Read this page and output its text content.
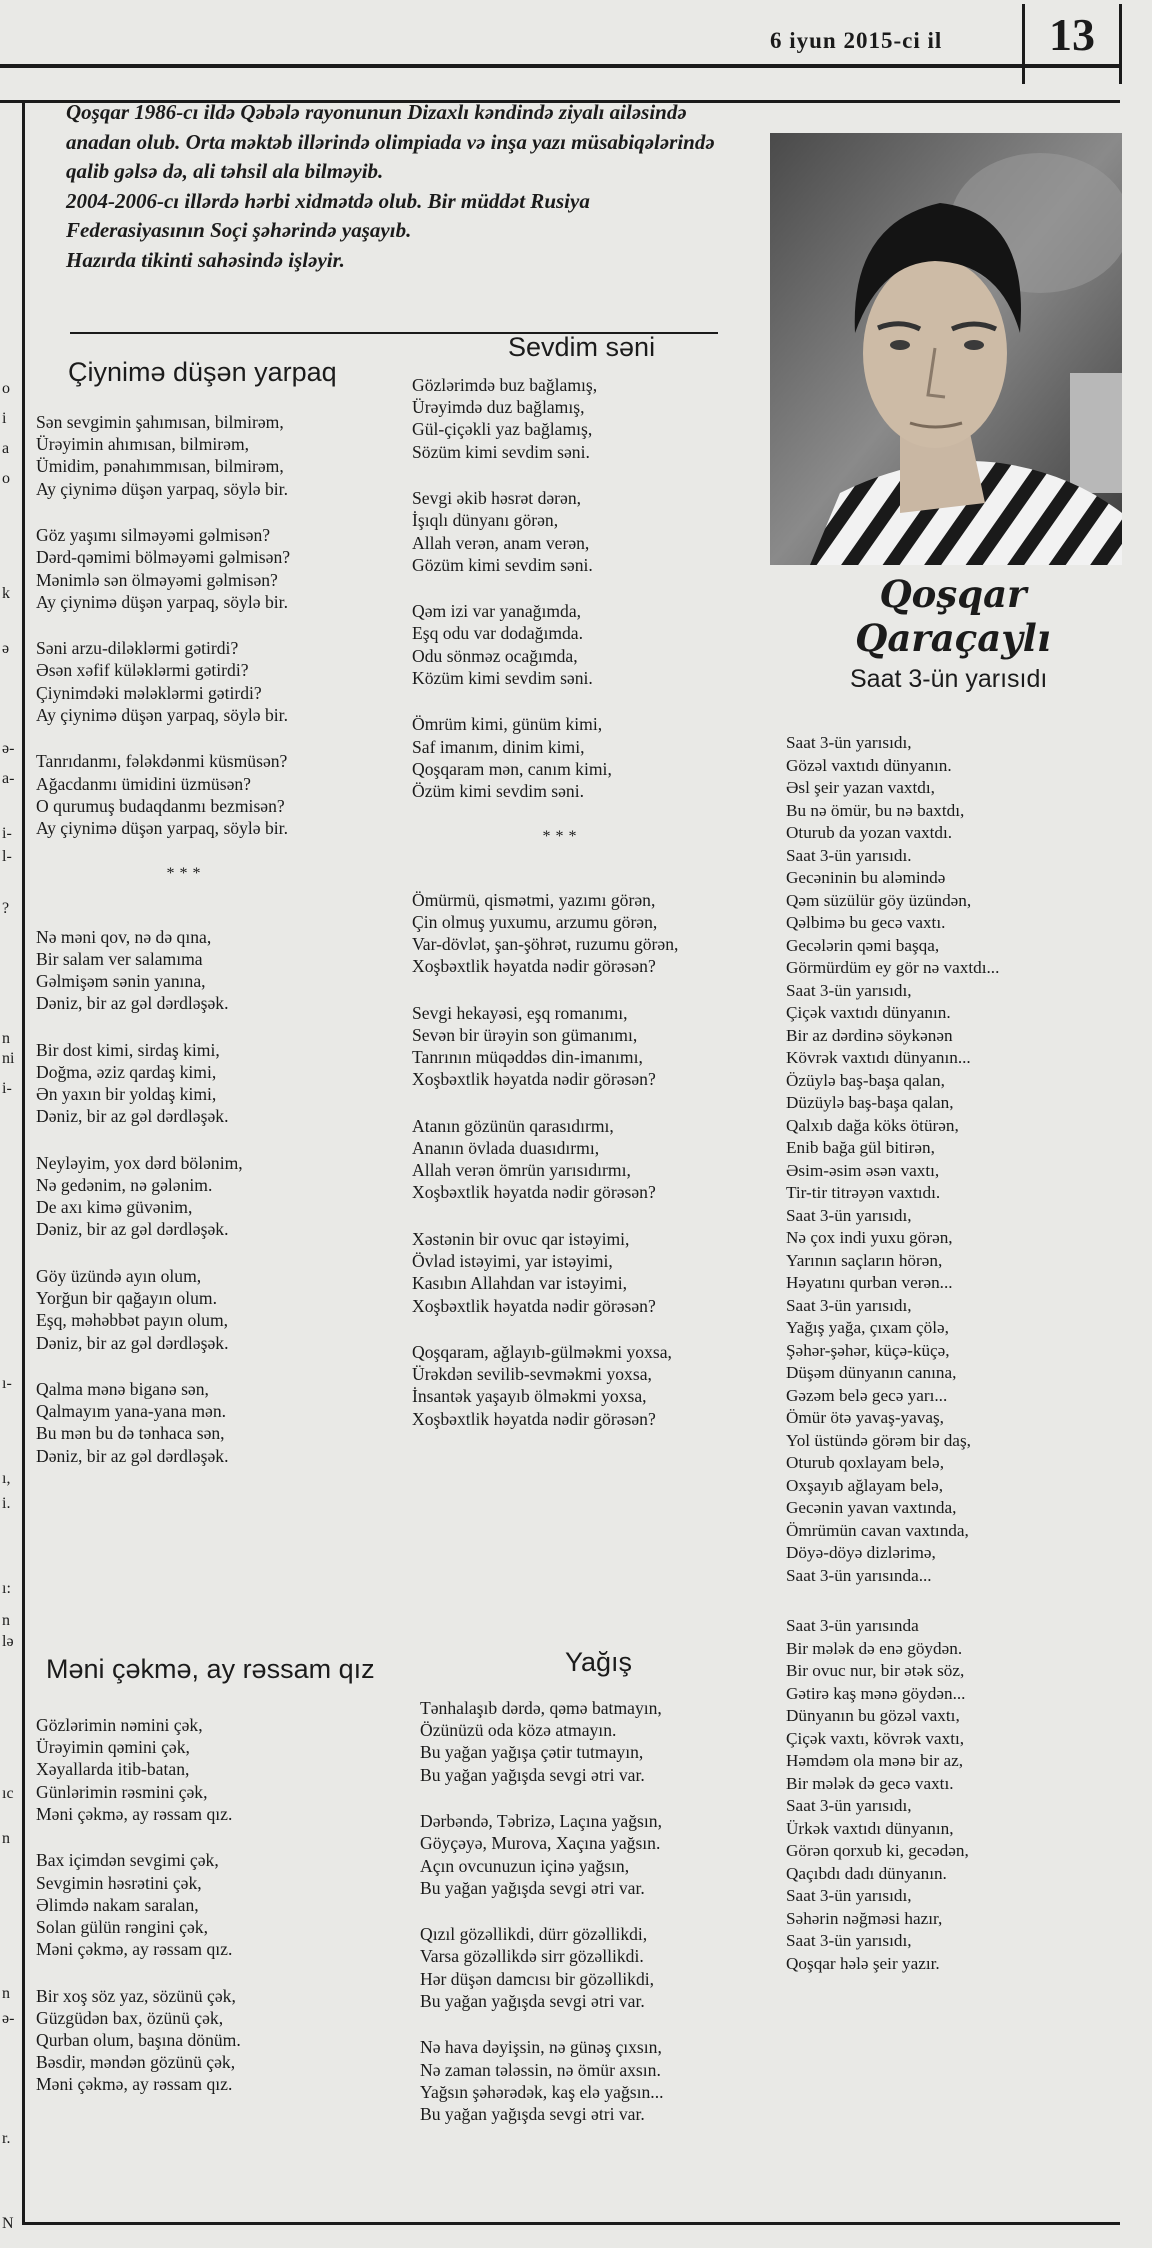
6 iyun 2015-ci il	13
o
i
a
o
k
ə
ə-
a-
i-
l-
?
n
ni
i-
ı-
ı,
i.
ı:
n
lə
ıc
n
n
ə-
r.
N

Qoşqar 1986-cı ildə Qəbələ rayonunun Dizaxlı kəndində ziyalı ailəsində anadan olub. Orta məktəb illərində olimpiada və inşa yazı müsabiqələrində qalib gəlsə də, ali təhsil ala bilməyib.

2004-2006-cı illərdə hərbi xidmətdə olub. Bir müddət Rusiya Federasiyasının Soçi şəhərində yaşayıb.

Hazırda tikinti sahəsində işləyir.

Qoşqar Qaraçaylı
Çiynimə düşən yarpaq
Sən sevgimin şahımısan, bilmirəm,
Ürəyimin ahımısan, bilmirəm,
Ümidim, pənahımmısan, bilmirəm,
Ay çiynimə düşən yarpaq, söylə bir.
Göz yaşımı silməyəmi gəlmisən?
Dərd-qəmimi bölməyəmi gəlmisən?
Mənimlə sən ölməyəmi gəlmisən?
Ay çiynimə düşən yarpaq, söylə bir.
Səni arzu-diləklərmi gətirdi?
Əsən xəfif küləklərmi gətirdi?
Çiynimdəki mələklərmi gətirdi?
Ay çiynimə düşən yarpaq, söylə bir.
Tanrıdanmı, fələkdənmi küsmüsən?
Ağacdanmı ümidini üzmüsən?
O qurumuş budaqdanmı bezmisən?
Ay çiynimə düşən yarpaq, söylə bir.
***
Nə məni qov, nə də qına,
Bir salam ver salamıma
Gəlmişəm sənin yanına,
Dəniz, bir az gəl dərdləşək.
Bir dost kimi, sirdaş kimi,
Doğma, əziz qardaş kimi,
Ən yaxın bir yoldaş kimi,
Dəniz, bir az gəl dərdləşək.
Neyləyim, yox dərd bölənim,
Nə gedənim, nə gələnim.
De axı kimə güvənim,
Dəniz, bir az gəl dərdləşək.
Göy üzündə ayın olum,
Yorğun bir qağayın olum.
Eşq, məhəbbət payın olum,
Dəniz, bir az gəl dərdləşək.
Qalma mənə biganə sən,
Qalmayım yana-yana mən.
Bu mən bu də tənhaca sən,
Dəniz, bir az gəl dərdləşək.
Məni çəkmə, ay rəssam qız
Gözlərimin nəmini çək,
Ürəyimin qəmini çək,
Xəyallarda itib-batan,
Günlərimin rəsmini çək,
Məni çəkmə, ay rəssam qız.
Bax içimdən sevgimi çək,
Sevgimin həsrətini çək,
Əlimdə nakam saralan,
Solan gülün rəngini çək,
Məni çəkmə, ay rəssam qız.
Bir xoş söz yaz, sözünü çək,
Güzgüdən bax, özünü çək,
Qurban olum, başına dönüm.
Bəsdir, məndən gözünü çək,
Məni çəkmə, ay rəssam qız.
Sevdim səni
Gözlərimdə buz bağlamış,
Ürəyimdə duz bağlamış,
Gül-çiçəkli yaz bağlamış,
Sözüm kimi sevdim səni.
Sevgi əkib həsrət dərən,
İşıqlı dünyanı görən,
Allah verən, anam verən,
Gözüm kimi sevdim səni.
Qəm izi var yanağımda,
Eşq odu var dodağımda.
Odu sönməz ocağımda,
Közüm kimi sevdim səni.
Ömrüm kimi, günüm kimi,
Saf imanım, dinim kimi,
Qoşqaram mən, canım kimi,
Özüm kimi sevdim səni.
***
Ömürmü, qismətmi, yazımı görən,
Çin olmuş yuxumu, arzumu görən,
Var-dövlət, şan-şöhrət, ruzumu görən,
Xoşbəxtlik həyatda nədir görəsən?
Sevgi hekayəsi, eşq romanımı,
Sevən bir ürəyin son gümanımı,
Tanrının müqəddəs din-imanımı,
Xoşbəxtlik həyatda nədir görəsən?
Atanın gözünün qarasıdırmı,
Ananın övlada duasıdırmı,
Allah verən ömrün yarısıdırmı,
Xoşbəxtlik həyatda nədir görəsən?
Xəstənin bir ovuc qar istəyimi,
Övlad istəyimi, yar istəyimi,
Kasıbın Allahdan var istəyimi,
Xoşbəxtlik həyatda nədir görəsən?
Qoşqaram, ağlayıb-gülməkmi yoxsa,
Ürəkdən sevilib-sevməkmi yoxsa,
İnsantək yaşayıb ölməkmi yoxsa,
Xoşbəxtlik həyatda nədir görəsən?
Yağış
Tənhalaşıb dərdə, qəmə batmayın,
Özünüzü oda közə atmayın.
Bu yağan yağışa çətir tutmayın,
Bu yağan yağışda sevgi ətri var.
Dərbəndə, Təbrizə, Laçına yağsın,
Göyçəyə, Murova, Xaçına yağsın.
Açın ovcunuzun içinə yağsın,
Bu yağan yağışda sevgi ətri var.
Qızıl gözəllikdi, dürr gözəllikdi,
Varsa gözəllikdə sirr gözəllikdi.
Hər düşən damcısı bir gözəllikdi,
Bu yağan yağışda sevgi ətri var.
Nə hava dəyişsin, nə günəş çıxsın,
Nə zaman tələssin, nə ömür axsın.
Yağsın şəhərədək, kaş elə yağsın...
Bu yağan yağışda sevgi ətri var.
Saat 3-ün yarısıdı
Saat 3-ün yarısıdı,
Gözəl vaxtıdı dünyanın.
Əsl şeir yazan vaxtdı,
Bu nə ömür, bu nə baxtdı,
Oturub da yozan vaxtdı.
Saat 3-ün yarısıdı.
Gecəninin bu aləmində
Qəm süzülür göy üzündən,
Qəlbimə bu gecə vaxtı.
Gecələrin qəmi başqa,
Görmürdüm ey gör nə vaxtdı...
Saat 3-ün yarısıdı,
Çiçək vaxtıdı dünyanın.
Bir az dərdinə söykənən
Kövrək vaxtıdı dünyanın...
Özüylə baş-başa qalan,
Düzüylə baş-başa qalan,
Qalxıb dağa köks ötürən,
Enib bağa gül bitirən,
Əsim-əsim əsən vaxtı,
Tir-tir titrəyən vaxtıdı.
Saat 3-ün yarısıdı,
Nə çox indi yuxu görən,
Yarının saçların hörən,
Həyatını qurban verən...
Saat 3-ün yarısıdı,
Yağış yağa, çıxam çölə,
Şəhər-şəhər, küçə-küçə,
Düşəm dünyanın canına,
Gəzəm belə gecə yarı...
Ömür ötə yavaş-yavaş,
Yol üstündə görəm bir daş,
Oturub qoxlayam belə,
Oxşayıb ağlayam belə,
Gecənin yavan vaxtında,
Ömrümün cavan vaxtında,
Döyə-döyə dizlərimə,
Saat 3-ün yarısında...
Saat 3-ün yarısında
Bir mələk də enə göydən.
Bir ovuc nur, bir ətək söz,
Gətirə kaş mənə göydən...
Dünyanın bu gözəl vaxtı,
Çiçək vaxtı, kövrək vaxtı,
Həmdəm ola mənə bir az,
Bir mələk də gecə vaxtı.
Saat 3-ün yarısıdı,
Ürkək vaxtıdı dünyanın,
Görən qorxub ki, gecədən,
Qaçıbdı dadı dünyanın.
Saat 3-ün yarısıdı,
Səhərin nəğməsi hazır,
Saat 3-ün yarısıdı,
Qoşqar hələ şeir yazır.
